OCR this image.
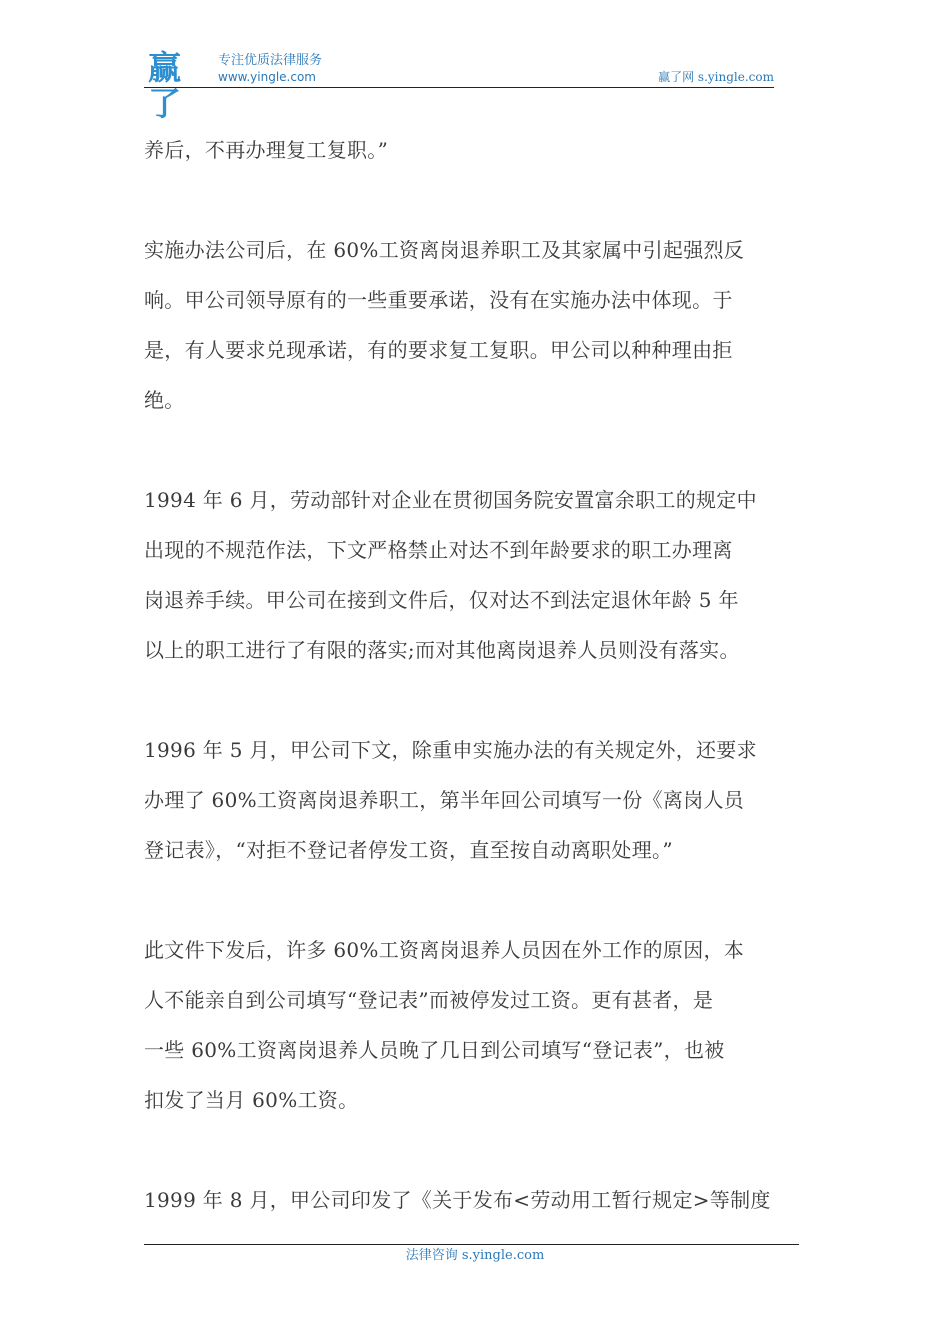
赢了
专注优质法律服务
www.yingle.com	赢了网 s.yingle.com

养后，不再办理复工复职。”

实施办法公司后，在 60%工资离岗退养职工及其家属中引起强烈反
响。甲公司领导原有的一些重要承诺，没有在实施办法中体现。于
是，有人要求兑现承诺，有的要求复工复职。甲公司以种种理由拒
绝。

1994 年 6 月，劳动部针对企业在贯彻国务院安置富余职工的规定中
出现的不规范作法，下文严格禁止对达不到年龄要求的职工办理离
岗退养手续。甲公司在接到文件后，仅对达不到法定退休年龄 5 年
以上的职工进行了有限的落实;而对其他离岗退养人员则没有落实。

1996 年 5 月，甲公司下文，除重申实施办法的有关规定外，还要求
办理了 60%工资离岗退养职工，第半年回公司填写一份《离岗人员
登记表》，“对拒不登记者停发工资，直至按自动离职处理。”

此文件下发后，许多 60%工资离岗退养人员因在外工作的原因，本
人不能亲自到公司填写“登记表”而被停发过工资。更有甚者，是
一些 60%工资离岗退养人员晚了几日到公司填写“登记表”，也被
扣发了当月 60%工资。

1999 年 8 月，甲公司印发了《关于发布<劳动用工暂行规定>等制度

法律咨询 s.yingle.com
